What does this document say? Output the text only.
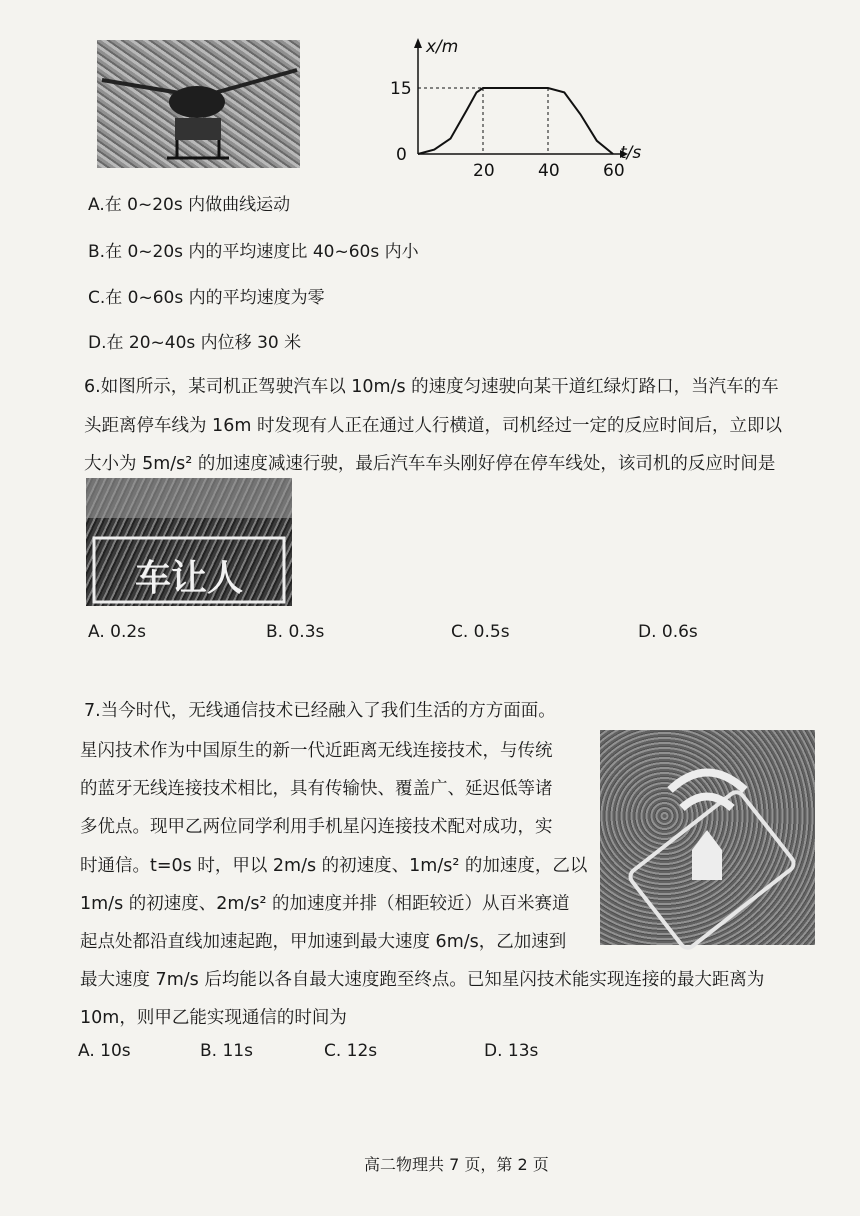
x/m
t/s
0
15
20	40	60
A.在 0~20s 内做曲线运动
B.在 0~20s 内的平均速度比 40~60s 内小
C.在 0~60s 内的平均速度为零
D.在 20~40s 内位移 30 米
6.如图所示，某司机正驾驶汽车以 10m/s 的速度匀速驶向某干道红绿灯路口，当汽车的车
头距离停车线为 16m 时发现有人正在通过人行横道，司机经过一定的反应时间后，立即以
大小为 5m/s² 的加速度减速行驶，最后汽车车头刚好停在停车线处，该司机的反应时间是
车让人
A. 0.2s	B. 0.3s	C. 0.5s	D. 0.6s
7.当今时代，无线通信技术已经融入了我们生活的方方面面。
星闪技术作为中国原生的新一代近距离无线连接技术，与传统
的蓝牙无线连接技术相比，具有传输快、覆盖广、延迟低等诸
多优点。现甲乙两位同学利用手机星闪连接技术配对成功，实
时通信。t=0s 时，甲以 2m/s 的初速度、1m/s² 的加速度，乙以
1m/s 的初速度、2m/s² 的加速度并排（相距较近）从百米赛道
起点处都沿直线加速起跑，甲加速到最大速度 6m/s，乙加速到
最大速度 7m/s 后均能以各自最大速度跑至终点。已知星闪技术能实现连接的最大距离为
10m，则甲乙能实现通信的时间为
A. 10s	B. 11s	C. 12s	D. 13s
高二物理共 7 页，第 2 页
